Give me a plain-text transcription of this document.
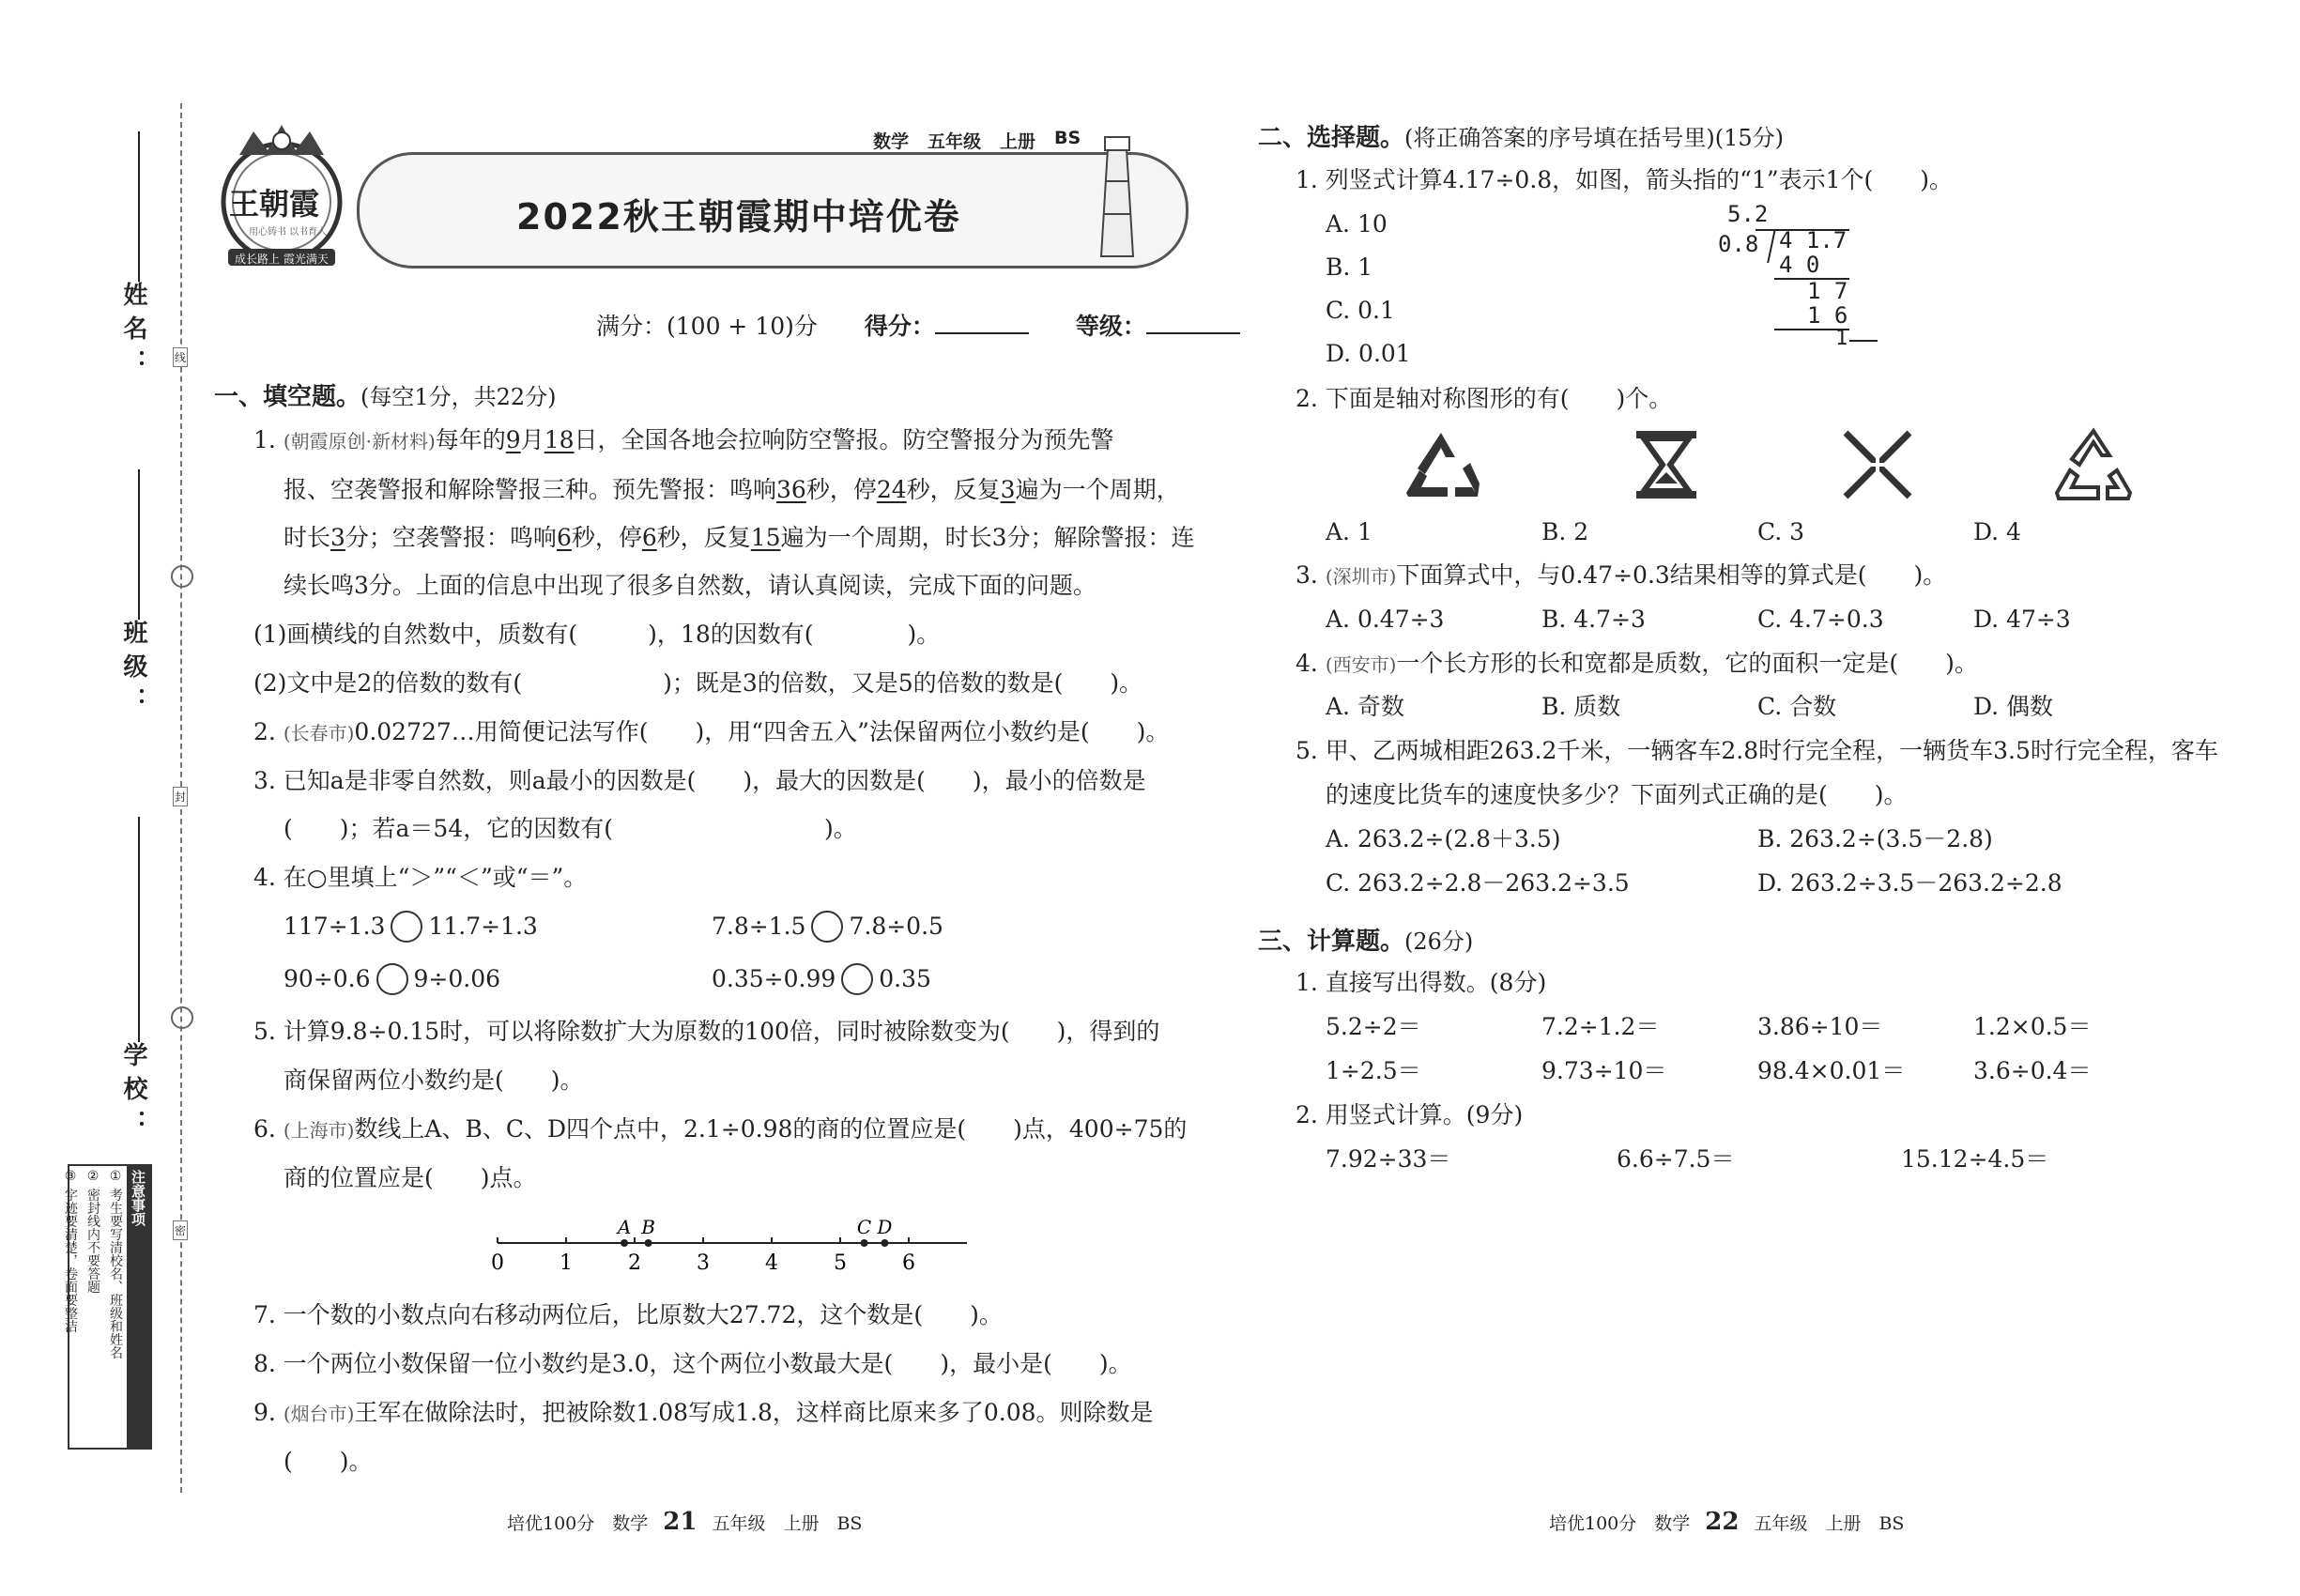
线
封
密
姓名：
班级：
学校：
注意事项
① 考生要写清校名、班级和姓名
② 密封线内不要答题
③ 字迹要清楚，卷面要整洁
王朝霞
用心铸书 以书育人
成长路上 霞光满天
数学 五年级 上册 BS
2022秋王朝霞期中培优卷
满分：(100 + 10)分 得分：	等级：
一、填空题。(每空1分，共22分)
1. (朝霞原创·新材料)每年的9月18日，全国各地会拉响防空警报。防空警报分为预先警
报、空袭警报和解除警报三种。预先警报：鸣响36秒，停24秒，反复3遍为一个周期，
时长3分；空袭警报：鸣响6秒，停6秒，反复15遍为一个周期，时长3分；解除警报：连
续长鸣3分。上面的信息中出现了很多自然数，请认真阅读，完成下面的问题。
(1)画横线的自然数中，质数有(　　　)，18的因数有(　　　　)。
(2)文中是2的倍数的数有(　　　　　　)；既是3的倍数，又是5的倍数的数是(　　)。
2. (长春市)0.02727…用简便记法写作(　　)，用“四舍五入”法保留两位小数约是(　　)。
3. 已知a是非零自然数，则a最小的因数是(　　)，最大的因数是(　　)，最小的倍数是
(　　)；若a＝54，它的因数有(　　　　　　　　　)。
4. 在○里填上“＞”“＜”或“＝”。
117÷1.3 11.7÷1.3	7.8÷1.5 7.8÷0.5
90÷0.6 9÷0.06	0.35÷0.99 0.35
5. 计算9.8÷0.15时，可以将除数扩大为原数的100倍，同时被除数变为(　　)，得到的
商保留两位小数约是(　　)。
6. (上海市)数线上A、B、C、D四个点中，2.1÷0.98的商的位置应是(　　)点，400÷75的
商的位置应是(　　)点。
0	1	2	3	4	5	6
A B	C D
7. 一个数的小数点向右移动两位后，比原数大27.72，这个数是(　　)。
8. 一个两位小数保留一位小数约是3.0，这个两位小数最大是(　　)，最小是(　　)。
9. (烟台市)王军在做除法时，把被除数1.08写成1.8，这样商比原来多了0.08。则除数是
(　　)。
二、选择题。(将正确答案的序号填在括号里)(15分)
1. 列竖式计算4.17÷0.8，如图，箭头指的“1”表示1个(　　)。
A. 10
B. 1
C. 0.1
D. 0.01
5.2
0.8 4 1.7
4 0
1 7
1 6
1
2. 下面是轴对称图形的有(　　)个。
A. 1	B. 2	C. 3	D. 4
3. (深圳市)下面算式中，与0.47÷0.3结果相等的算式是(　　)。
A. 0.47÷3	B. 4.7÷3	C. 4.7÷0.3	D. 47÷3
4. (西安市)一个长方形的长和宽都是质数，它的面积一定是(　　)。
A. 奇数	B. 质数	C. 合数	D. 偶数
5. 甲、乙两城相距263.2千米，一辆客车2.8时行完全程，一辆货车3.5时行完全程，客车
的速度比货车的速度快多少？下面列式正确的是(　　)。
A. 263.2÷(2.8＋3.5)	B. 263.2÷(3.5－2.8)
C. 263.2÷2.8－263.2÷3.5	D. 263.2÷3.5－263.2÷2.8
三、计算题。(26分)
1. 直接写出得数。(8分)
5.2÷2＝	7.2÷1.2＝	3.86÷10＝	1.2×0.5＝
1÷2.5＝	9.73÷10＝	98.4×0.01＝	3.6÷0.4＝
2. 用竖式计算。(9分)
7.92÷33＝	6.6÷7.5＝	15.12÷4.5＝
培优100分　数学 21 五年级　上册　BS	培优100分　数学 22 五年级　上册　BS
